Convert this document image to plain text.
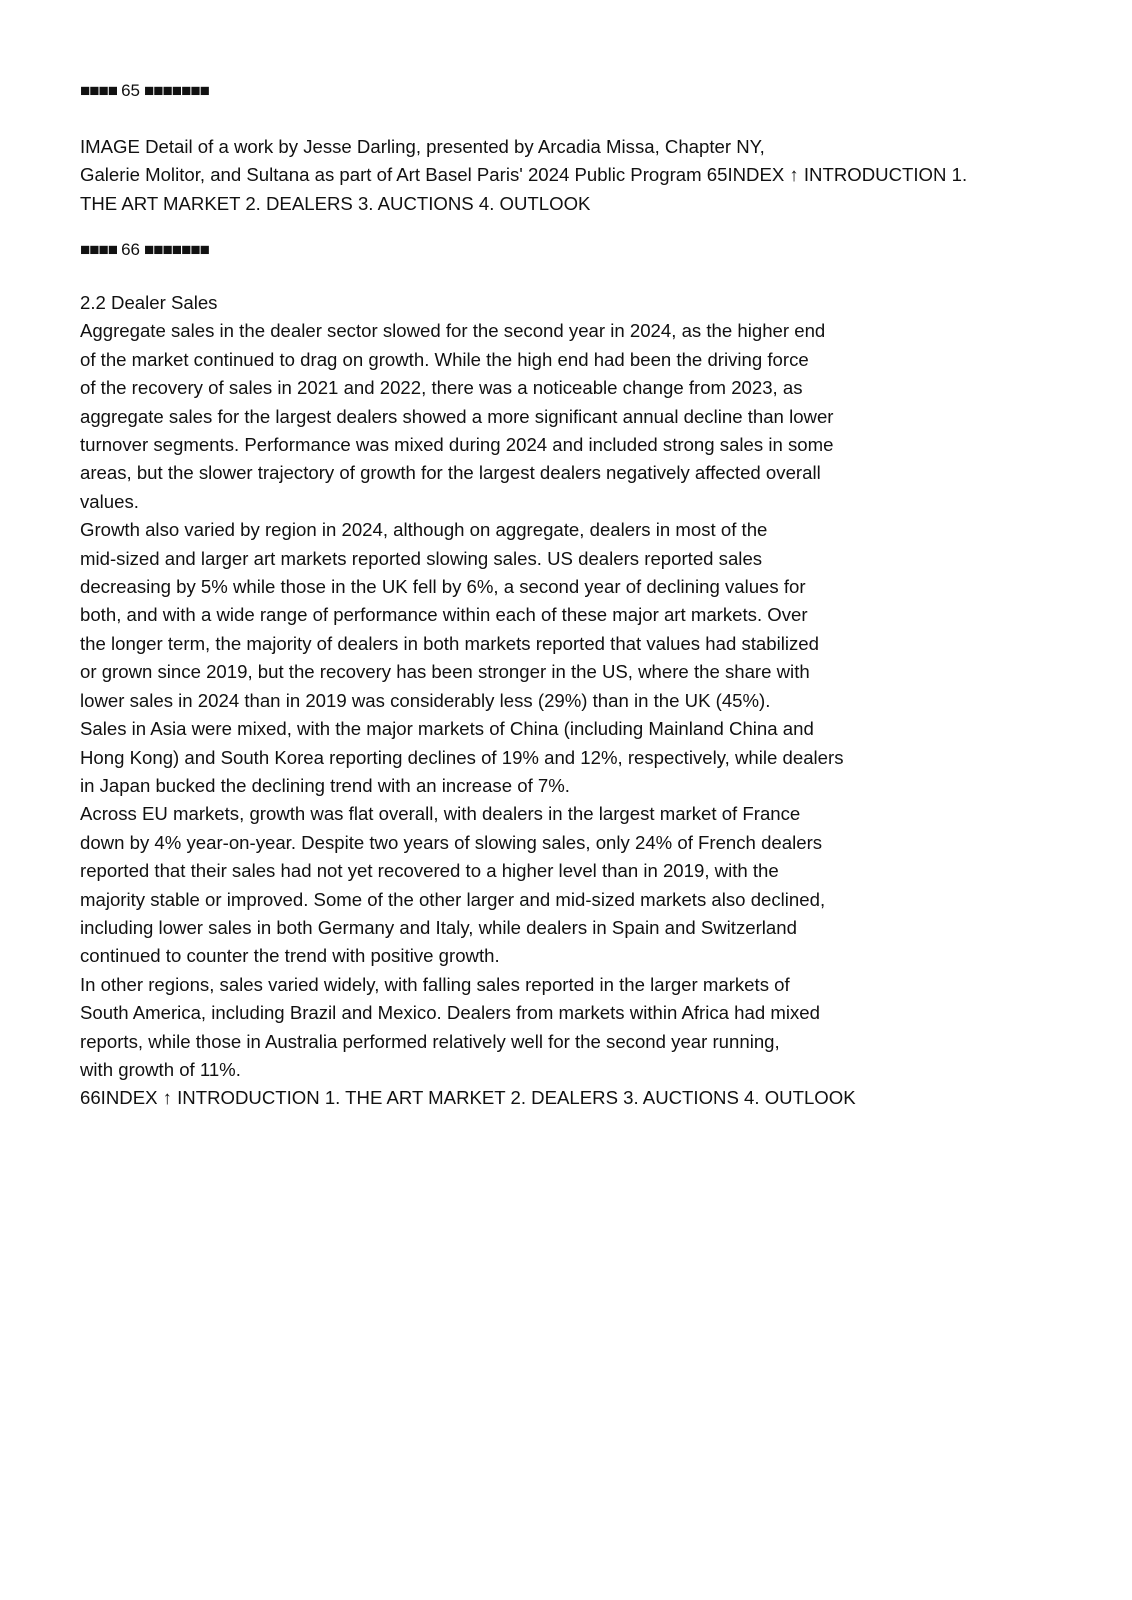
■■■■ 65 ■■■■■■■
IMAGE Detail of a work by Jesse Darling, presented by Arcadia Missa, Chapter NY,
Galerie Molitor, and Sultana as part of Art Basel Paris' 2024 Public Program 65INDEX ↑ INTRODUCTION 1.
THE ART MARKET 2. DEALERS 3. AUCTIONS 4. OUTLOOK
■■■■ 66 ■■■■■■■
2.2 Dealer Sales
Aggregate sales in the dealer sector slowed for the second year in 2024, as the higher end
of the market continued to drag on growth. While the high end had been the driving force
of the recovery of sales in 2021 and 2022, there was a noticeable change from 2023, as
aggregate sales for the largest dealers showed a more significant annual decline than lower
turnover segments. Performance was mixed during 2024 and included strong sales in some
areas, but the slower trajectory of growth for the largest dealers negatively affected overall
values.
Growth also varied by region in 2024, although on aggregate, dealers in most of the
mid-sized and larger art markets reported slowing sales. US dealers reported sales
decreasing by 5% while those in the UK fell by 6%, a second year of declining values for
both, and with a wide range of performance within each of these major art markets. Over
the longer term, the majority of dealers in both markets reported that values had stabilized
or grown since 2019, but the recovery has been stronger in the US, where the share with
lower sales in 2024 than in 2019 was considerably less (29%) than in the UK (45%).
Sales in Asia were mixed, with the major markets of China (including Mainland China and
Hong Kong) and South Korea reporting declines of 19% and 12%, respectively, while dealers
in Japan bucked the declining trend with an increase of 7%.
Across EU markets, growth was flat overall, with dealers in the largest market of France
down by 4% year-on-year. Despite two years of slowing sales, only 24% of French dealers
reported that their sales had not yet recovered to a higher level than in 2019, with the
majority stable or improved. Some of the other larger and mid-sized markets also declined,
including lower sales in both Germany and Italy, while dealers in Spain and Switzerland
continued to counter the trend with positive growth.
In other regions, sales varied widely, with falling sales reported in the larger markets of
South America, including Brazil and Mexico. Dealers from markets within Africa had mixed
reports, while those in Australia performed relatively well for the second year running,
with growth of 11%.
66INDEX ↑ INTRODUCTION 1. THE ART MARKET 2. DEALERS 3. AUCTIONS 4. OUTLOOK
